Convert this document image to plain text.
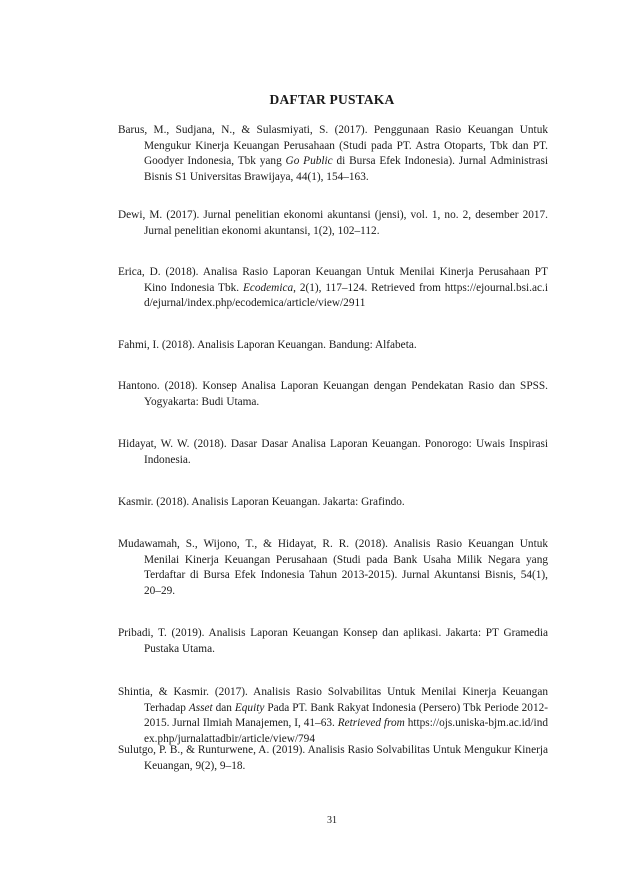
DAFTAR PUSTAKA
Barus, M., Sudjana, N., & Sulasmiyati, S. (2017). Penggunaan Rasio Keuangan Untuk Mengukur Kinerja Keuangan Perusahaan (Studi pada PT. Astra Otoparts, Tbk dan PT. Goodyer Indonesia, Tbk yang Go Public di Bursa Efek Indonesia). Jurnal Administrasi Bisnis S1 Universitas Brawijaya, 44(1), 154–163.
Dewi, M. (2017). Jurnal penelitian ekonomi akuntansi (jensi), vol. 1, no. 2, desember 2017. Jurnal penelitian ekonomi akuntansi, 1(2), 102–112.
Erica, D. (2018). Analisa Rasio Laporan Keuangan Untuk Menilai Kinerja Perusahaan PT Kino Indonesia Tbk. Ecodemica, 2(1), 117–124. Retrieved from https://ejournal.bsi.ac.id/ejurnal/index.php/ecodemica/article/view/2911
Fahmi, I. (2018). Analisis Laporan Keuangan. Bandung: Alfabeta.
Hantono. (2018). Konsep Analisa Laporan Keuangan dengan Pendekatan Rasio dan SPSS. Yogyakarta: Budi Utama.
Hidayat, W. W. (2018). Dasar Dasar Analisa Laporan Keuangan. Ponorogo: Uwais Inspirasi Indonesia.
Kasmir. (2018). Analisis Laporan Keuangan. Jakarta: Grafindo.
Mudawamah, S., Wijono, T., & Hidayat, R. R. (2018). Analisis Rasio Keuangan Untuk Menilai Kinerja Keuangan Perusahaan (Studi pada Bank Usaha Milik Negara yang Terdaftar di Bursa Efek Indonesia Tahun 2013-2015). Jurnal Akuntansi Bisnis, 54(1), 20–29.
Pribadi, T. (2019). Analisis Laporan Keuangan Konsep dan aplikasi. Jakarta: PT Gramedia Pustaka Utama.
Shintia, & Kasmir. (2017). Analisis Rasio Solvabilitas Untuk Menilai Kinerja Keuangan Terhadap Asset dan Equity Pada PT. Bank Rakyat Indonesia (Persero) Tbk Periode 2012-2015. Jurnal Ilmiah Manajemen, I, 41–63. Retrieved from https://ojs.uniska-bjm.ac.id/index.php/jurnalattadbir/article/view/794
Sulutgo, P. B., & Runturwene, A. (2019). Analisis Rasio Solvabilitas Untuk Mengukur Kinerja Keuangan, 9(2), 9–18.
31
